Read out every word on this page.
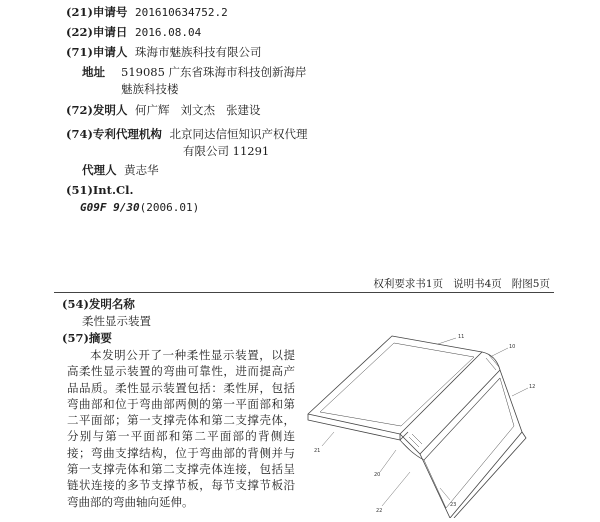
(21)申请号 201610634752.2
(22)申请日 2016.08.04
(71)申请人 珠海市魅族科技有限公司
地址 519085 广东省珠海市科技创新海岸
魅族科技楼
(72)发明人 何广辉   刘文杰   张建设
(74)专利代理机构 北京同达信恒知识产权代理
有限公司 11291
代理人 黄志华
(51)Int.Cl.
G09F 9/30(2006.01)
权利要求书1页   说明书4页   附图5页
(54)发明名称
柔性显示装置
(57)摘要
本发明公开了一种柔性显示装置，以提高柔性显示装置的弯曲可靠性，进而提高产品品质。柔性显示装置包括：柔性屏，包括弯曲部和位于弯曲部两侧的第一平面部和第二平面部；第一支撑壳体和第二支撑壳体，分别与第一平面部和第二平面部的背侧连接；弯曲支撑结构，位于弯曲部的背侧并与第一支撑壳体和第二支撑壳体连接，包括呈链状连接的多节支撑节板，每节支撑节板沿弯曲部的弯曲轴向延伸。
11
10
12
21
20
22
23
